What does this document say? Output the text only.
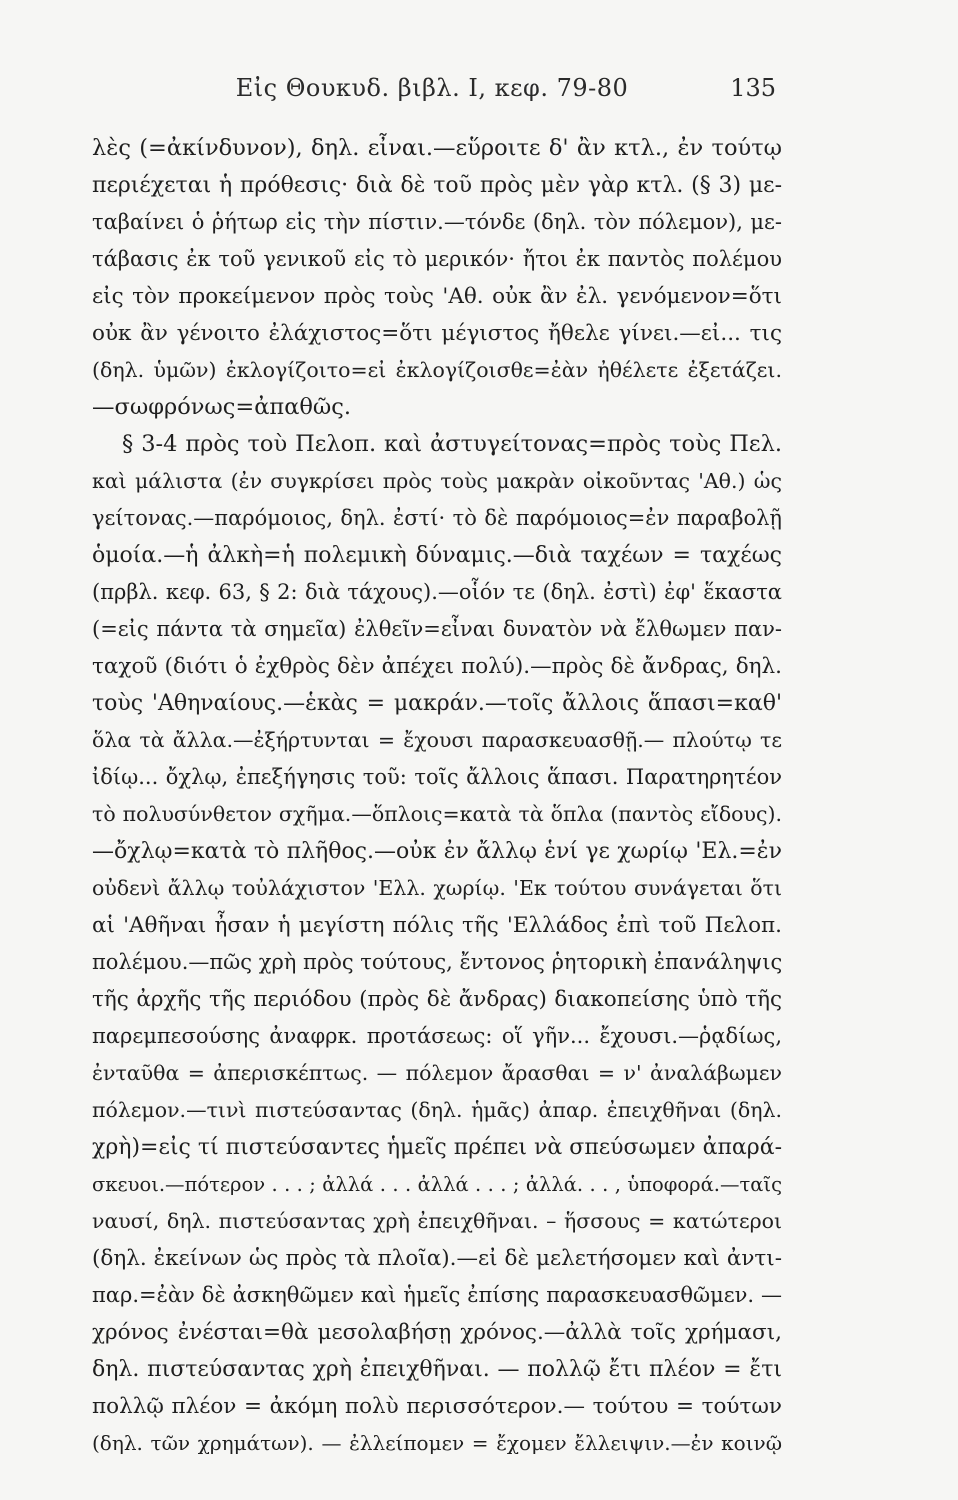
Εἰς Θουκυδ. βιβλ. I, κεφ. 79-80	135
λὲς (=ἀκίνδυνον), δηλ. εἶναι.—εὕροιτε δ' ἂν κτλ., ἐν τούτῳ
περιέχεται ἡ πρόθεσις· διὰ δὲ τοῦ πρὸς μὲν γὰρ κτλ. (§ 3) με-
ταβαίνει ὁ ῥήτωρ εἰς τὴν πίστιν.—τόνδε (δηλ. τὸν πόλεμον), με-
τάβασις ἐκ τοῦ γενικοῦ εἰς τὸ μερικόν· ἤτοι ἐκ παντὸς πολέμου
εἰς τὸν προκείμενον πρὸς τοὺς 'Αθ. οὐκ ἂν ἐλ. γενόμενον=ὅτι
οὐκ ἂν γένοιτο ἐλάχιστος=ὅτι μέγιστος ἤθελε γίνει.—εἰ... τις
(δηλ. ὑμῶν) ἐκλογίζοιτο=εἰ ἐκλογίζοισθε=ἐὰν ἠθέλετε ἐξετάζει.
—σωφρόνως=ἀπαθῶς.
§ 3-4 πρὸς τοὺ Πελοπ. καὶ ἀστυγείτονας=πρὸς τοὺς Πελ.
καὶ μάλιστα (ἐν συγκρίσει πρὸς τοὺς μακρὰν οἰκοῦντας 'Αθ.) ὡς
γείτονας.—παρόμοιος, δηλ. ἐστί· τὸ δὲ παρόμοιος=ἐν παραβολῇ
ὁμοία.—ἡ ἀλκὴ=ἡ πολεμικὴ δύναμις.—διὰ ταχέων = ταχέως
(πρβλ. κεφ. 63, § 2: διὰ τάχους).—οἷόν τε (δηλ. ἐστὶ) ἐφ' ἕκαστα
(=εἰς πάντα τὰ σημεῖα) ἐλθεῖν=εἶναι δυνατὸν νὰ ἔλθωμεν παν-
ταχοῦ (διότι ὁ ἐχθρὸς δὲν ἀπέχει πολύ).—πρὸς δὲ ἄνδρας, δηλ.
τοὺς 'Αθηναίους.—ἑκὰς = μακράν.—τοῖς ἄλλοις ἅπασι=καθ'
ὅλα τὰ ἄλλα.—ἐξήρτυνται = ἔχουσι παρασκευασθῇ.— πλούτῳ τε
ἰδίῳ... ὄχλῳ, ἐπεξήγησις τοῦ: τοῖς ἄλλοις ἅπασι. Παρατηρητέον
τὸ πολυσύνθετον σχῆμα.—ὅπλοις=κατὰ τὰ ὅπλα (παντὸς εἴδους).
—ὄχλῳ=κατὰ τὸ πλῆθος.—οὐκ ἐν ἄλλῳ ἑνί γε χωρίῳ 'Ελ.=ἐν
οὐδενὶ ἄλλῳ τοὐλάχιστον 'Ελλ. χωρίῳ. 'Εκ τούτου συνάγεται ὅτι
αἱ 'Αθῆναι ἦσαν ἡ μεγίστη πόλις τῆς 'Ελλάδος ἐπὶ τοῦ Πελοπ.
πολέμου.—πῶς χρὴ πρὸς τούτους, ἔντονος ῥητορικὴ ἐπανάληψις
τῆς ἀρχῆς τῆς περιόδου (πρὸς δὲ ἄνδρας) διακοπείσης ὑπὸ τῆς
παρεμπεσούσης ἀναφρκ. προτάσεως: οἵ γῆν... ἔχουσι.—ῥᾳδίως,
ἐνταῦθα = ἀπερισκέπτως. — πόλεμον ἄρασθαι = ν' ἀναλάβωμεν
πόλεμον.—τινὶ πιστεύσαντας (δηλ. ἡμᾶς) ἀπαρ. ἐπειχθῆναι (δηλ.
χρὴ)=εἰς τί πιστεύσαντες ἡμεῖς πρέπει νὰ σπεύσωμεν ἀπαρά-
σκευοι.—πότερον . . . ; ἀλλά . . . ἀλλά . . . ; ἀλλά. . . , ὑποφορά.—ταῖς
ναυσί, δηλ. πιστεύσαντας χρὴ ἐπειχθῆναι. – ἥσσους = κατώτεροι
(δηλ. ἐκείνων ὡς πρὸς τὰ πλοῖα).—εἰ δὲ μελετήσομεν καὶ ἀντι-
παρ.=ἐὰν δὲ ἀσκηθῶμεν καὶ ἡμεῖς ἐπίσης παρασκευασθῶμεν. —
χρόνος ἐνέσται=θὰ μεσολαβήσῃ χρόνος.—ἀλλὰ τοῖς χρήμασι,
δηλ. πιστεύσαντας χρὴ ἐπειχθῆναι. — πολλῷ ἔτι πλέον = ἔτι
πολλῷ πλέον = ἀκόμη πολὺ περισσότερον.— τούτου = τούτων
(δηλ. τῶν χρημάτων). — ἐλλείπομεν = ἔχομεν ἔλλειψιν.—ἐν κοινῷ
